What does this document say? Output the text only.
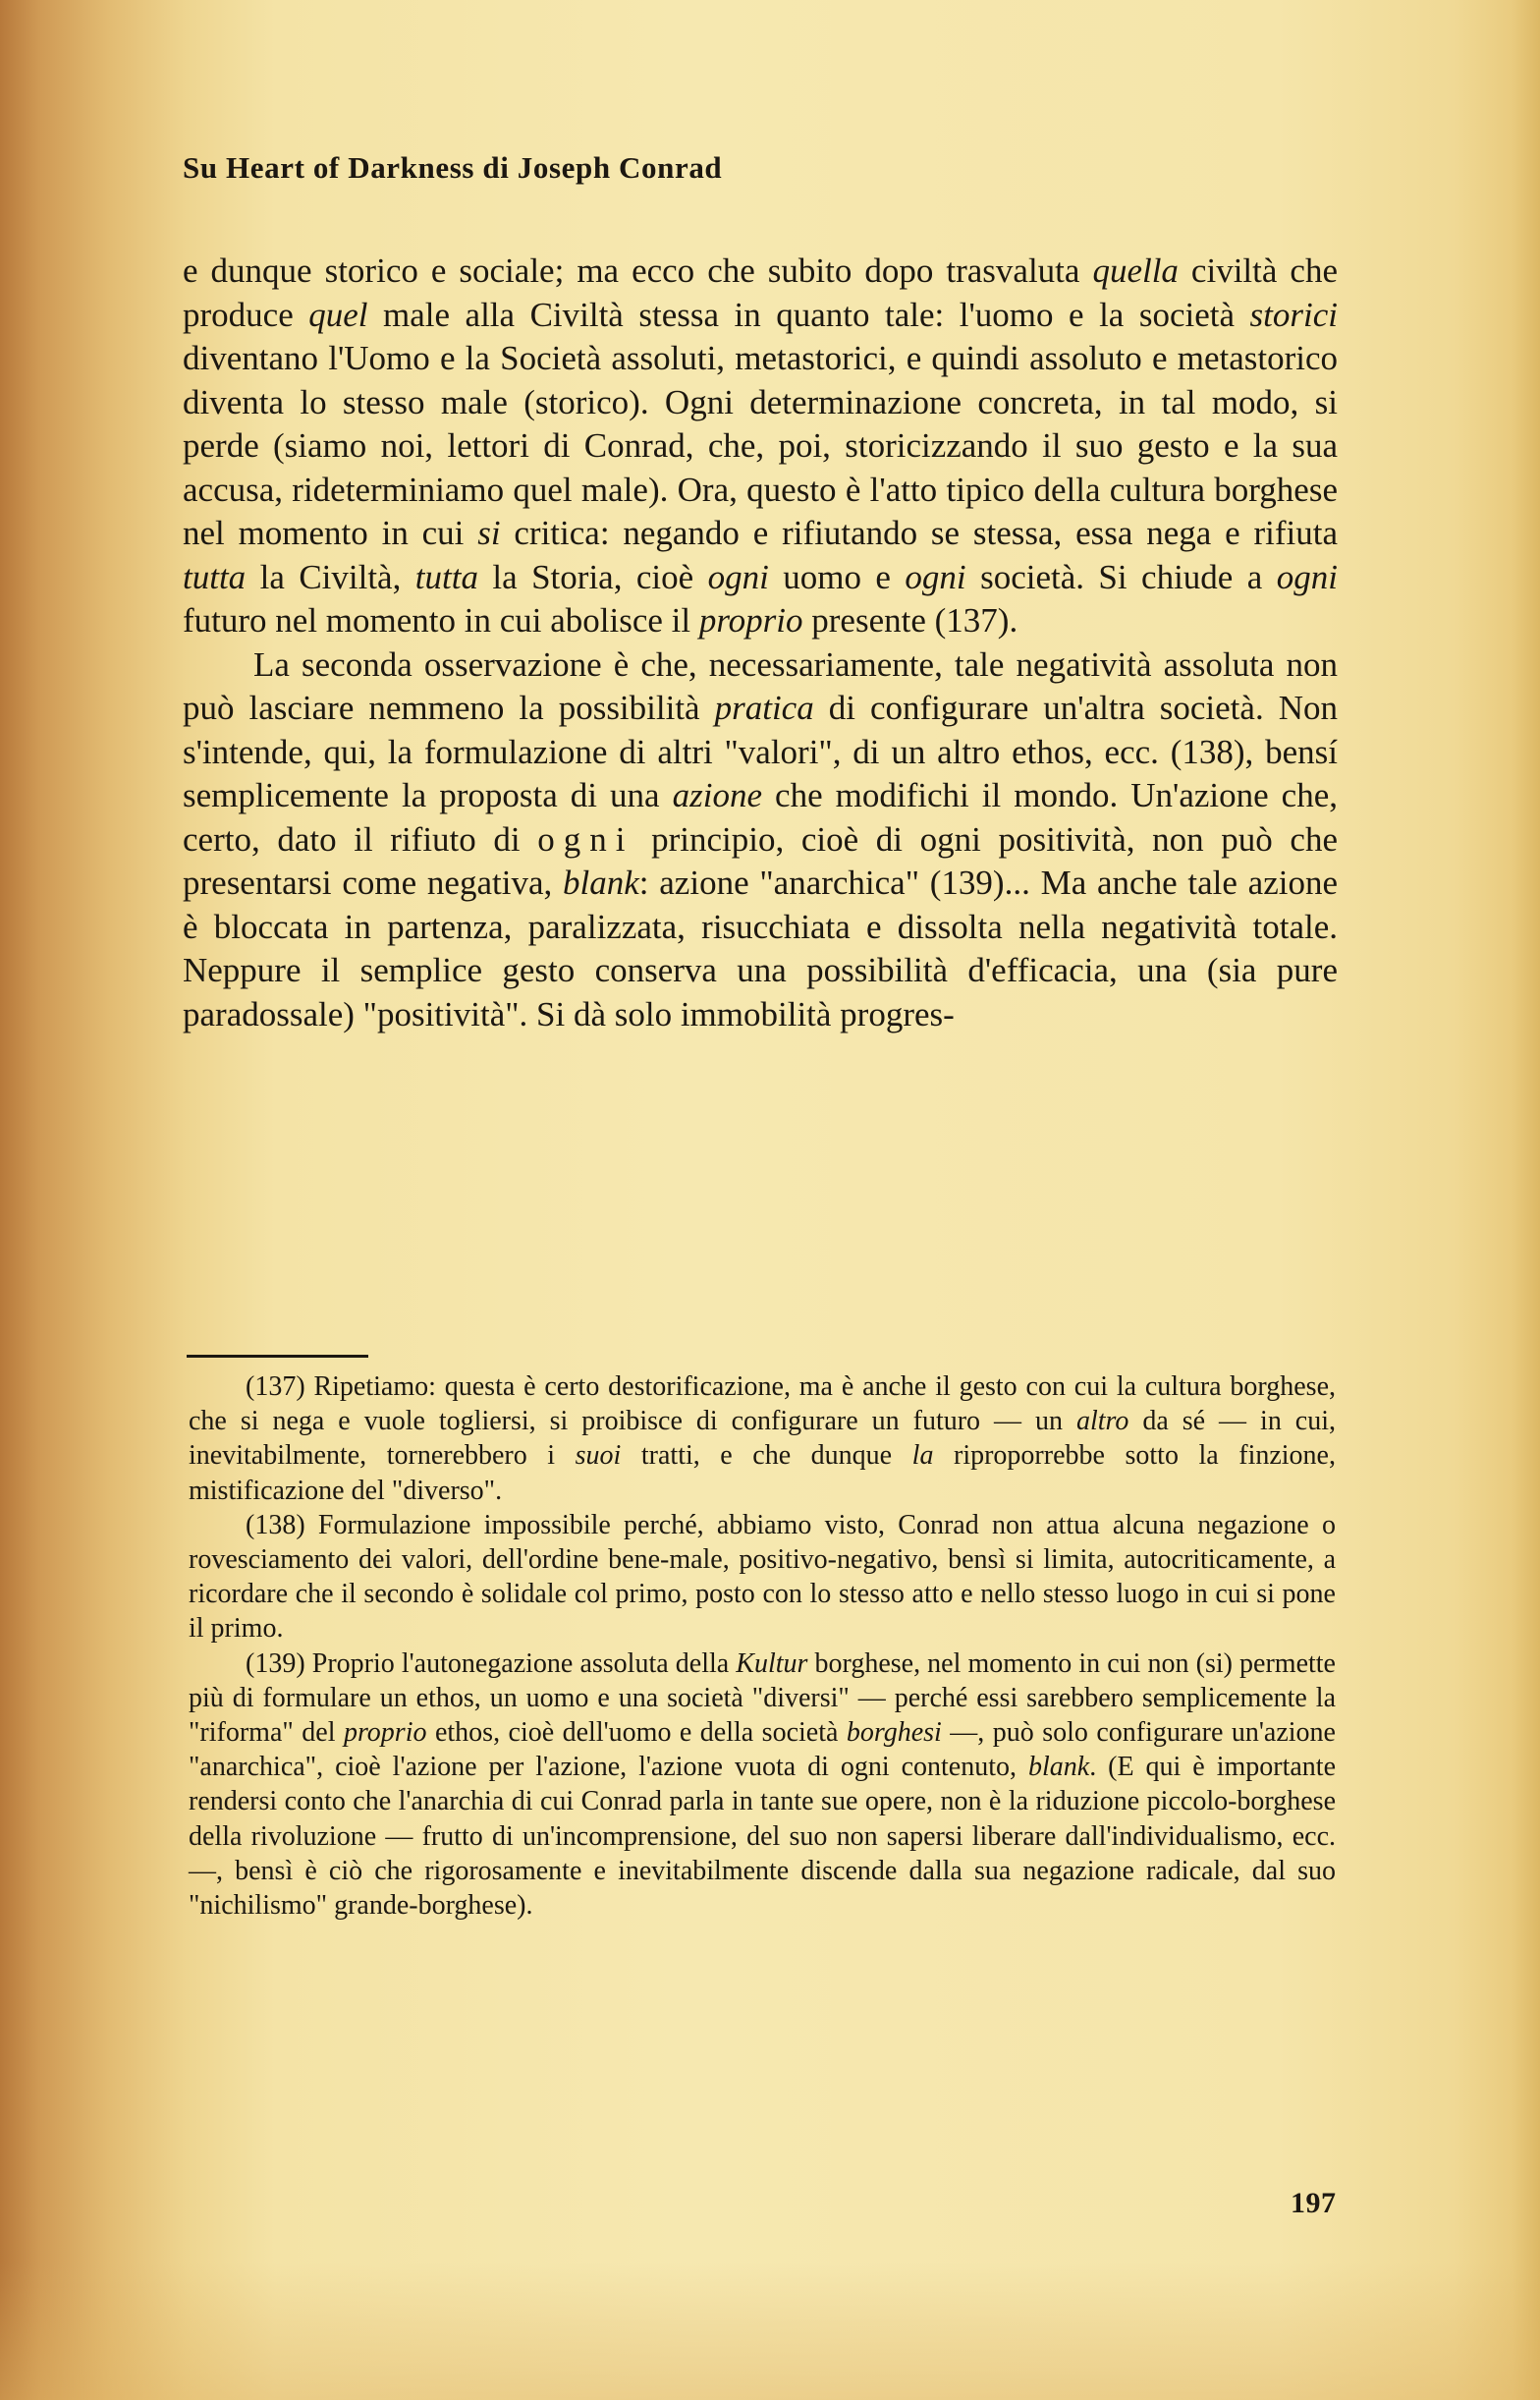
Su Heart of Darkness di Joseph Conrad

e dunque storico e sociale; ma ecco che subito dopo trasvaluta quella civiltà che produce quel male alla Civiltà stessa in quanto tale: l'uomo e la società storici diventano l'Uomo e la Società assoluti, metastorici, e quindi assoluto e metastorico diventa lo stesso male (storico). Ogni determinazione concreta, in tal modo, si perde (siamo noi, lettori di Conrad, che, poi, storicizzando il suo gesto e la sua accusa, rideterminiamo quel male). Ora, questo è l'atto tipico della cultura borghese nel momento in cui si critica: negando e rifiutando se stessa, essa nega e rifiuta tutta la Civiltà, tutta la Storia, cioè ogni uomo e ogni società. Si chiude a ogni futuro nel momento in cui abolisce il proprio presente (137).

La seconda osservazione è che, necessariamente, tale negatività assoluta non può lasciare nemmeno la possibilità pratica di configurare un'altra società. Non s'intende, qui, la formulazione di altri "valori", di un altro ethos, ecc. (138), bensí semplicemente la proposta di una azione che modifichi il mondo. Un'azione che, certo, dato il rifiuto di ogni principio, cioè di ogni positività, non può che presentarsi come negativa, blank: azione "anarchica" (139)... Ma anche tale azione è bloccata in partenza, paralizzata, risucchiata e dissolta nella negatività totale. Neppure il semplice gesto conserva una possibilità d'efficacia, una (sia pure paradossale) "positività". Si dà solo immobilità progres-

(137) Ripetiamo: questa è certo destorificazione, ma è anche il gesto con cui la cultura borghese, che si nega e vuole togliersi, si proibisce di configurare un futuro — un altro da sé — in cui, inevitabilmente, tornerebbero i suoi tratti, e che dunque la riproporrebbe sotto la finzione, mistificazione del "diverso".

(138) Formulazione impossibile perché, abbiamo visto, Conrad non attua alcuna negazione o rovesciamento dei valori, dell'ordine bene-male, positivo-negativo, bensì si limita, autocriticamente, a ricordare che il secondo è solidale col primo, posto con lo stesso atto e nello stesso luogo in cui si pone il primo.

(139) Proprio l'autonegazione assoluta della Kultur borghese, nel momento in cui non (si) permette più di formulare un ethos, un uomo e una società "diversi" — perché essi sarebbero semplicemente la "riforma" del proprio ethos, cioè dell'uomo e della società borghesi —, può solo configurare un'azione "anarchica", cioè l'azione per l'azione, l'azione vuota di ogni contenuto, blank. (E qui è importante rendersi conto che l'anarchia di cui Conrad parla in tante sue opere, non è la riduzione piccolo-borghese della rivoluzione — frutto di un'incomprensione, del suo non sapersi liberare dall'individualismo, ecc. —, bensì è ciò che rigorosamente e inevitabilmente discende dalla sua negazione radicale, dal suo "nichilismo" grande-borghese).

197
